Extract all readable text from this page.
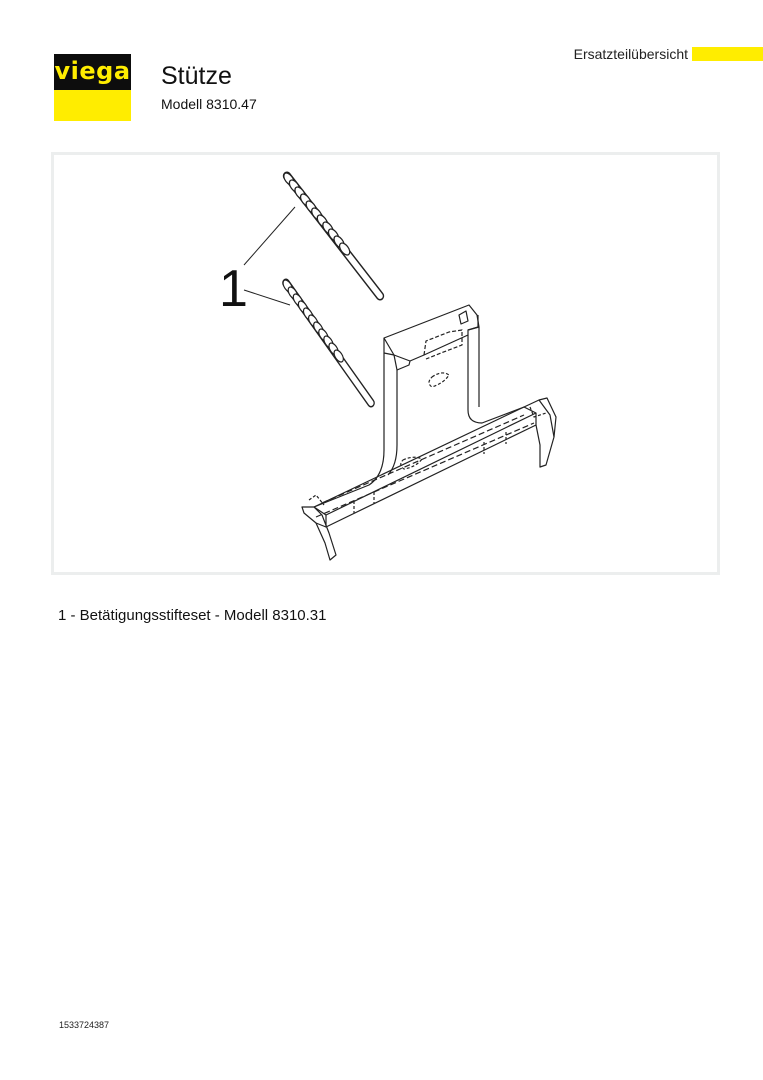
viega Stütze
Modell 8310.47
Ersatzteilübersicht
1
1 - Betätigungsstifteset - Modell 8310.31
1533724387
